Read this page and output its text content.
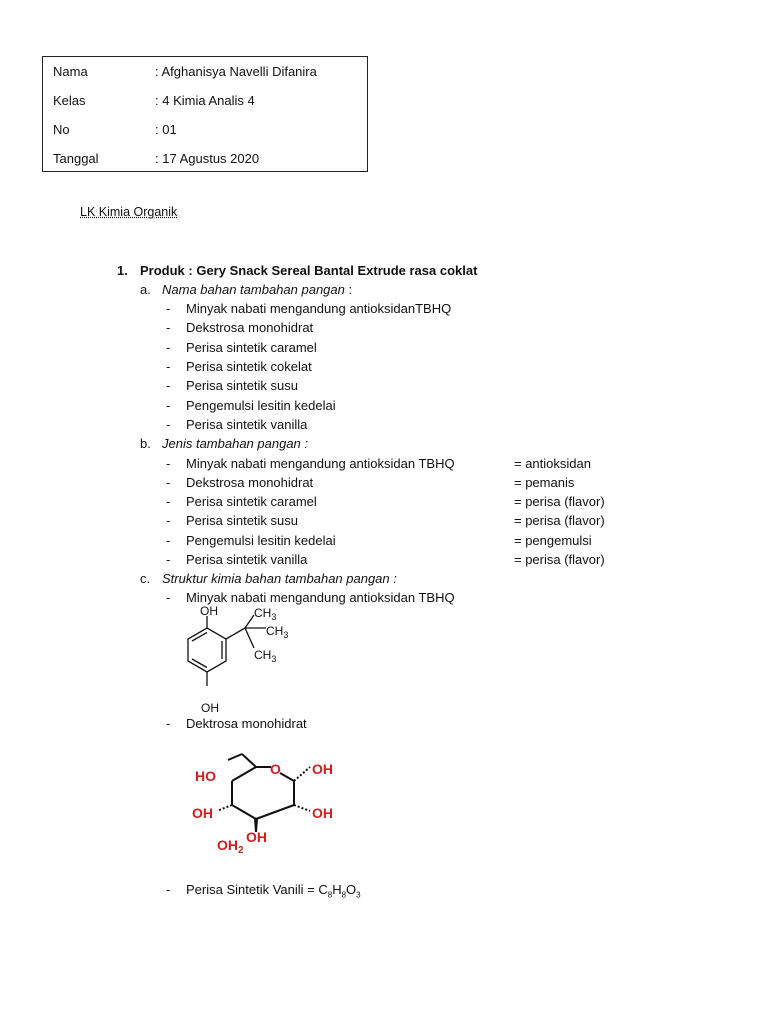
Nama	: Afghanisya Navelli Difanira
Kelas	: 4 Kimia Analis 4
No	: 01
Tanggal	: 17 Agustus 2020
LK Kimia Organik
1. Produk : Gery Snack Sereal Bantal Extrude rasa coklat
a. Nama bahan tambahan pangan :
- Minyak nabati mengandung antioksidanTBHQ
- Dekstrosa monohidrat
- Perisa sintetik caramel
- Perisa sintetik cokelat
- Perisa sintetik susu
- Pengemulsi lesitin kedelai
- Perisa sintetik vanilla
b. Jenis tambahan pangan :
- Minyak nabati mengandung antioksidan TBHQ	= antioksidan
- Dekstrosa monohidrat	= pemanis
- Perisa sintetik caramel	= perisa (flavor)
- Perisa sintetik susu	= perisa (flavor)
- Pengemulsi lesitin kedelai	= pengemulsi
- Perisa sintetik vanilla	= perisa (flavor)
c. Struktur kimia bahan tambahan pangan :
- Minyak nabati mengandung antioksidan TBHQ
OH
OH
$CH_3$
$CH_3$
$CH_3$
- Dektrosa monohidrat
HO	O OH
OH
OH
OH
$OH_2$
- Perisa Sintetik Vanili = $C_8H_8O_3$
